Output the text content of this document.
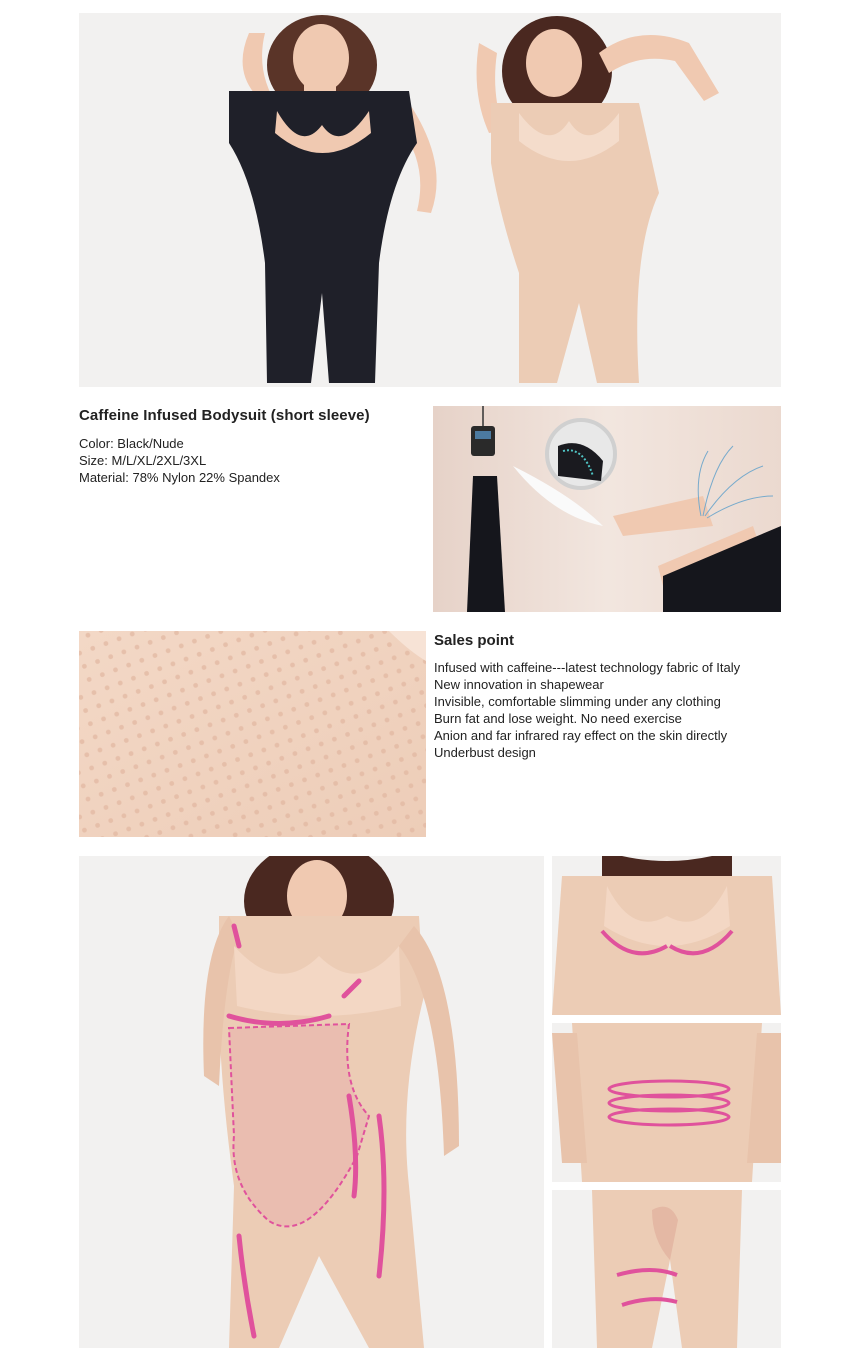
Caffeine Infused Bodysuit (short sleeve)

Color: Black/Nude

Size: M/L/XL/2XL/3XL

Material: 78% Nylon 22% Spandex

Sales point
Infused with caffeine---latest technology fabric of Italy
New innovation in shapewear
Invisible, comfortable slimming under any clothing
Burn fat and lose weight. No need exercise
Anion and far infrared ray effect on the skin directly
Underbust design
